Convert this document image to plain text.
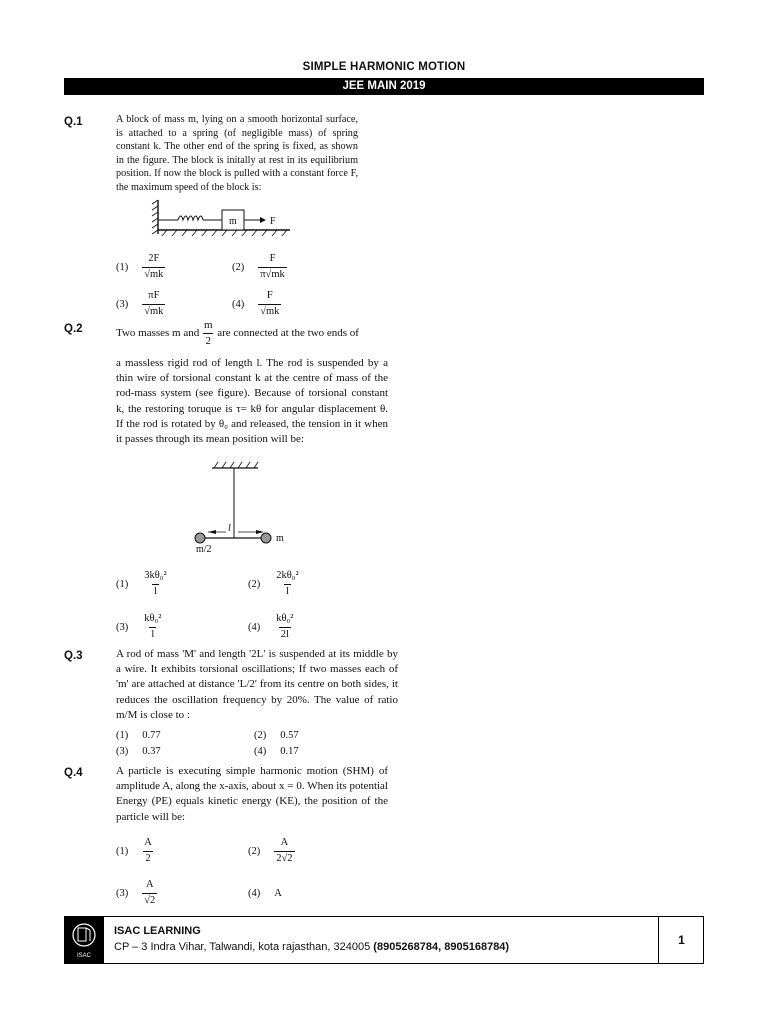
SIMPLE HARMONIC MOTION
JEE MAIN 2019
Q.1	A block of mass m, lying on a smooth horizontal surface, is attached to a spring (of negligible mass) of spring constant k. The other end of the spring is fixed, as shown in the figure. The block is initally at rest in its equilibrium position. If now the block is pulled with a constant force F, the maximum speed of the block is:
m	F
$(1) \frac{2F}{√mk}$	$(2) \frac{F}{\pi√mk}$
$(3) \frac{\pi F}{√mk}$	$(4) \frac{F}{√mk}$
Q.2	Two masses m and $\frac{m}{2}$ are connected at the two ends of
a massless rigid rod of length l. The rod is suspended by a thin wire of torsional constant k at the centre of mass of the rod-mass system (see figure). Because of torsional constant k, the restoring toruque is τ= kθ for angular displacement θ. If the rod is rotated by θ₀ and released, the tension in it when it passes through its mean position will be:
l
m
m/2
$(1) \frac{\text{3kθ₀²}}{l}$	$(2) \frac{\text{2kθ₀²}}{l}$
$(3) \frac{\text{kθ₀²}}{l}$	$(4) \frac{\text{kθ₀²}}{2l}$
Q.3	A rod of mass 'M' and length '2L' is suspended at its middle by a wire. It exhibits torsional oscillations; If two masses each of 'm' are attached at distance 'L/2' from its centre on both sides, it reduces the oscillation frequency by 20%. The value of ratio m/M is close to :
(1) 0.77	(2) 0.57
(3) 0.37	(4) 0.17
Q.4	A particle is executing simple harmonic motion (SHM) of amplitude A, along the x-axis, about x = 0. When its potential Energy (PE) equals kinetic energy (KE), the position of the particle will be:
$(1) \frac{A}{2}$	$(2) \frac{A}{2√2}$
$(3) \frac{A}{√2}$	(4) A
ISAC
ISAC LEARNING
CP – 3 Indra Vihar, Talwandi, kota rajasthan, 324005 (8905268784, 8905168784)	1
